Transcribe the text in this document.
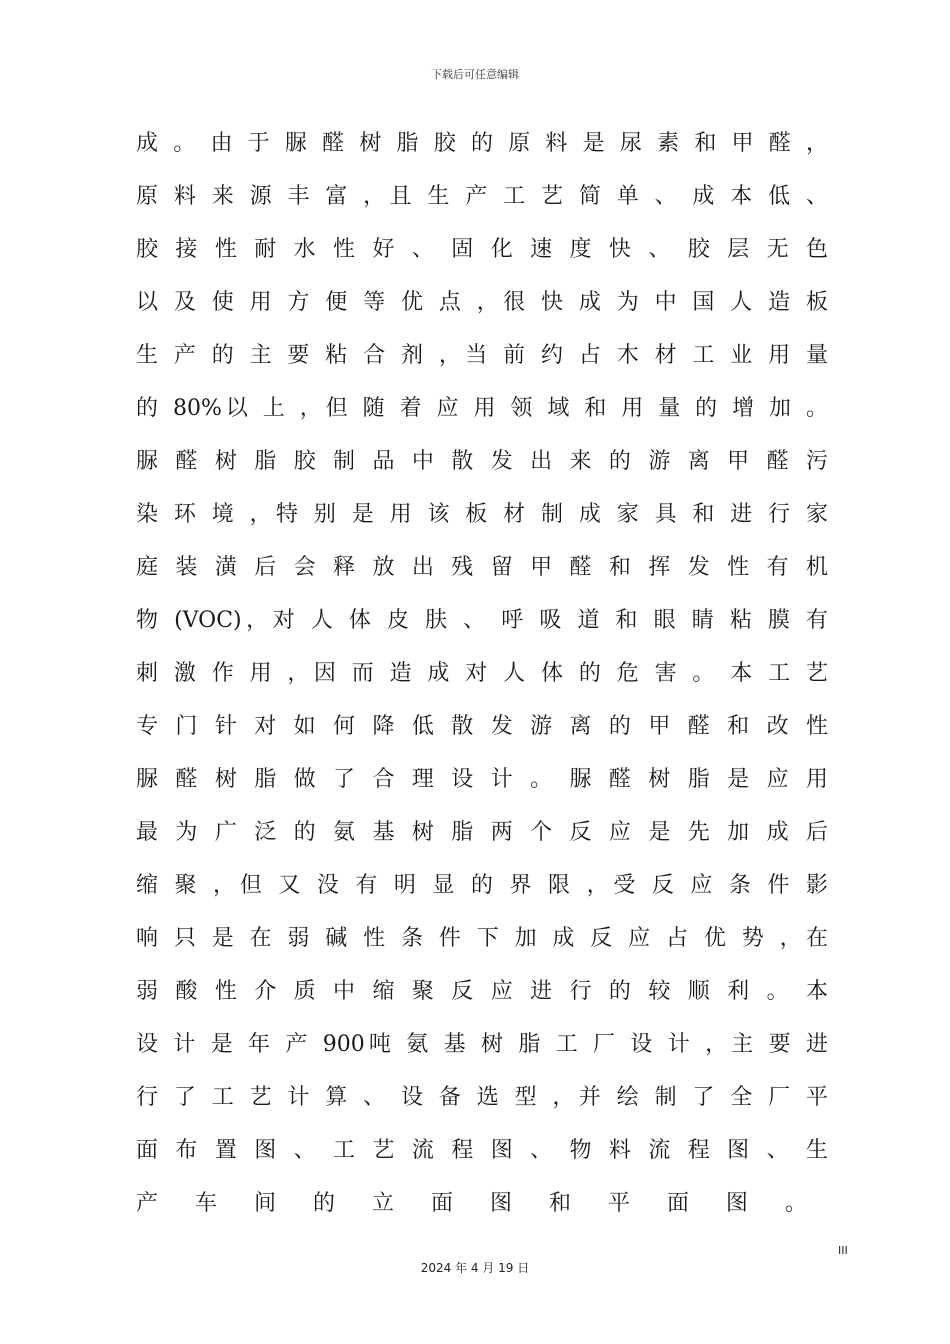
下载后可任意编辑
成 。 由 于 脲 醛 树 脂 胶 的 原 料 是 尿 素 和 甲 醛 ，
原 料 来 源 丰 富 ，且 生 产 工 艺 简 单 、 成 本 低 、
胶 接 性 耐 水 性 好 、 固 化 速 度 快 、 胶 层 无 色
以 及 使 用 方 便 等 优 点 ，很 快 成 为 中 国 人 造 板
生 产 的 主 要 粘 合 剂 ，当 前 约 占 木 材 工 业 用 量
的 80%以 上 ，但 随 着 应 用 领 域 和 用 量 的 增 加 。
脲 醛 树 脂 胶 制 品 中 散 发 出 来 的 游 离 甲 醛 污
染 环 境 ，特 别 是 用 该 板 材 制 成 家 具 和 进 行 家
庭 装 潢 后 会 释 放 出 残 留 甲 醛 和 挥 发 性 有 机
物 (VOC)，对 人 体 皮 肤 、 呼 吸 道 和 眼 睛 粘 膜 有
刺 激 作 用 ，因 而 造 成 对 人 体 的 危 害 。 本 工 艺
专 门 针 对 如 何 降 低 散 发 游 离 的 甲 醛 和 改 性
脲 醛 树 脂 做 了 合 理 设 计 。 脲 醛 树 脂 是 应 用
最 为 广 泛 的 氨 基 树 脂 两 个 反 应 是 先 加 成 后
缩 聚 ，但 又 没 有 明 显 的 界 限 ，受 反 应 条 件 影
响 只 是 在 弱 碱 性 条 件 下 加 成 反 应 占 优 势 ，在
弱 酸 性 介 质 中 缩 聚 反 应 进 行 的 较 顺 利 。 本
设 计 是 年 产 900吨 氨 基 树 脂 工 厂 设 计 ，主 要 进
行 了 工 艺 计 算 、 设 备 选 型 ，并 绘 制 了 全 厂 平
面 布 置 图 、 工 艺 流 程 图 、 物 料 流 程 图 、 生
产 车 间 的 立 面 图 和 平 面 图 。
III
2024 年 4 月 19 日
